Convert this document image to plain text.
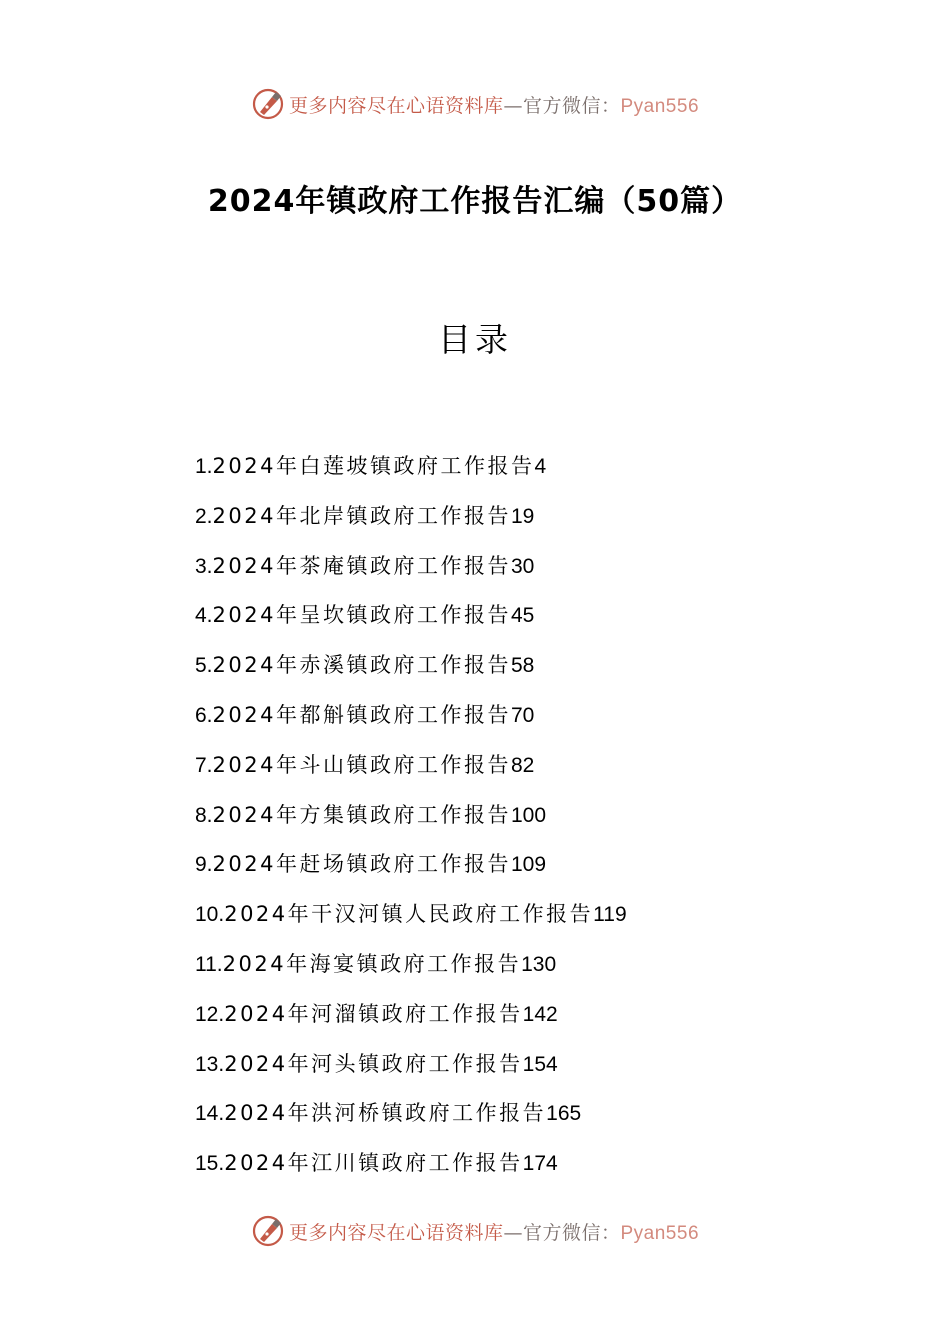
更多内容尽在心语资料库—官方微信：Pyan556
2024年镇政府工作报告汇编（50篇）
目录
1.2024年白莲坡镇政府工作报告4
2.2024年北岸镇政府工作报告19
3.2024年茶庵镇政府工作报告30
4.2024年呈坎镇政府工作报告45
5.2024年赤溪镇政府工作报告58
6.2024年都斛镇政府工作报告70
7.2024年斗山镇政府工作报告82
8.2024年方集镇政府工作报告100
9.2024年赶场镇政府工作报告109
10.2024年干汉河镇人民政府工作报告119
11.2024年海宴镇政府工作报告130
12.2024年河溜镇政府工作报告142
13.2024年河头镇政府工作报告154
14.2024年洪河桥镇政府工作报告165
15.2024年江川镇政府工作报告174
更多内容尽在心语资料库—官方微信：Pyan556
